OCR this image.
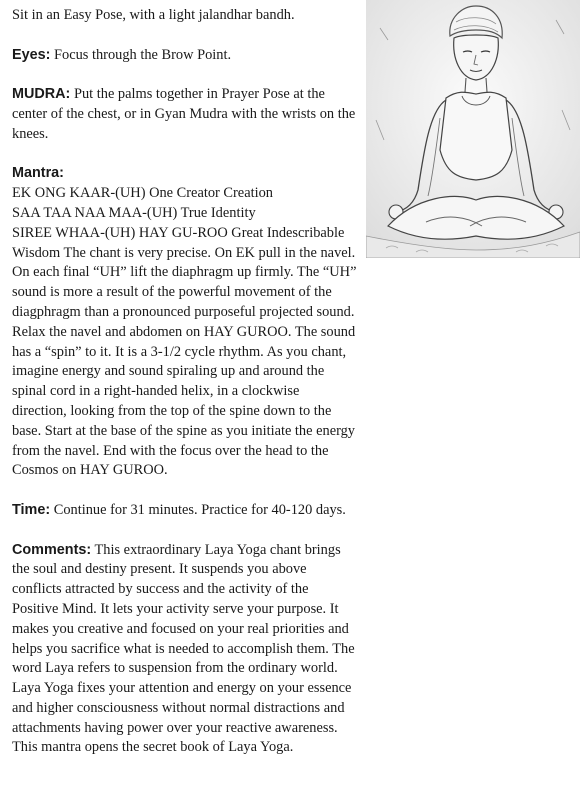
Sit in an Easy Pose, with a light jalandhar bandh.

Eyes: Focus through the Brow Point.

MUDRA: Put the palms together in Prayer Pose at the center of the chest, or in Gyan Mudra with the wrists on the knees.

Mantra:
EK ONG KAAR-(UH) One Creator Creation
SAA TAA NAA MAA-(UH) True Identity
SIREE WHAA-(UH) HAY GU-ROO Great Indescribable Wisdom The chant is very precise. On EK pull in the navel. On each final “UH” lift the diaphragm up firmly. The “UH” sound is more a result of the powerful movement of the diagphragm than a pronounced purposeful projected sound. Relax the navel and abdomen on HAY GUROO. The sound has a “spin” to it. It is a 3-1/2 cycle rhythm. As you chant, imagine energy and sound spiraling up and around the spinal cord in a right-handed helix, in a clockwise direction, looking from the top of the spine down to the base. Start at the base of the spine as you initiate the energy from the navel. End with the focus over the head to the Cosmos on HAY GUROO.

Time: Continue for 31 minutes. Practice for 40-120 days.

Comments: This extraordinary Laya Yoga chant brings the soul and destiny present. It suspends you above conflicts attracted by success and the activity of the Positive Mind. It lets your activity serve your purpose. It makes you creative and focused on your real priorities and helps you sacrifice what is needed to accomplish them. The word Laya refers to suspension from the ordinary world. Laya Yoga fixes your attention and energy on your essence and higher consciousness without normal distractions and attachments having power over your reactive awareness. This mantra opens the secret book of Laya Yoga.
